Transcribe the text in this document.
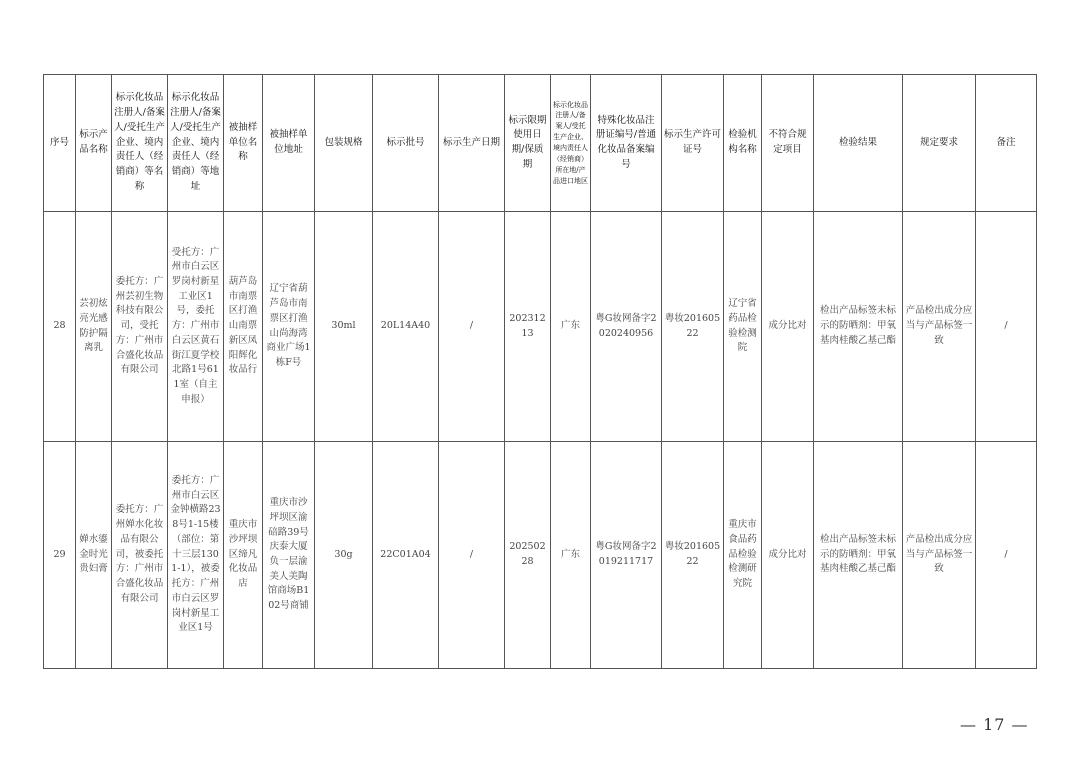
序号	标示产品名称	标示化妆品注册人/备案人/受托生产企业、境内责任人（经销商）等名称	标示化妆品注册人/备案人/受托生产企业、境内责任人（经销商）等地址	被抽样单位名称	被抽样单位地址	包装规格	标示批号	标示生产日期	标示限期使用日期/保质期	标示化妆品注册人/备案人/受托生产企业、境内责任人（经销商）所在地/产品进口地区	特殊化妆品注册证编号/普通化妆品备案编号	标示生产许可证号	检验机构名称	不符合规定项目	检验结果	规定要求	备注
28	芸初炫亮光感防护隔离乳	委托方：广州芸初生物科技有限公司，受托方：广州市合盛化妆品有限公司	受托方：广州市白云区罗岗村新星工业区1号，委托方：广州市白云区黄石街江夏学校北路1号611室（自主申报）	葫芦岛市南票区打渔山南票新区凤阳辉化妆品行	辽宁省葫芦岛市南票区打渔山尚海湾商业广场1栋F号	30ml	20L14A40	/	20231213	广东	粤G妆网备字2020240956	粤妆20160522	辽宁省药品检验检测院	成分比对	检出产品标签未标示的防晒剂：甲氧基肉桂酸乙基己酯	产品检出成分应当与产品标签一致	/
29	婵水鎏金时光贵妇膏	委托方：广州婵水化妆品有限公司，被委托方：广州市合盛化妆品有限公司	委托方：广州市白云区金钟横路238号1-15楼（部位：第十三层1301-1），被委托方：广州市白云区罗岗村新星工业区1号	重庆市沙坪坝区缔凡化妆品店	重庆市沙坪坝区渝碚路39号庆泰大厦负一层渝美人美陶馆商场B102号商铺	30g	22C01A04	/	20250228	广东	粤G妆网备字2019211717	粤妆20160522	重庆市食品药品检验检测研究院	成分比对	检出产品标签未标示的防晒剂：甲氧基肉桂酸乙基己酯	产品检出成分应当与产品标签一致	/
— 17 —
